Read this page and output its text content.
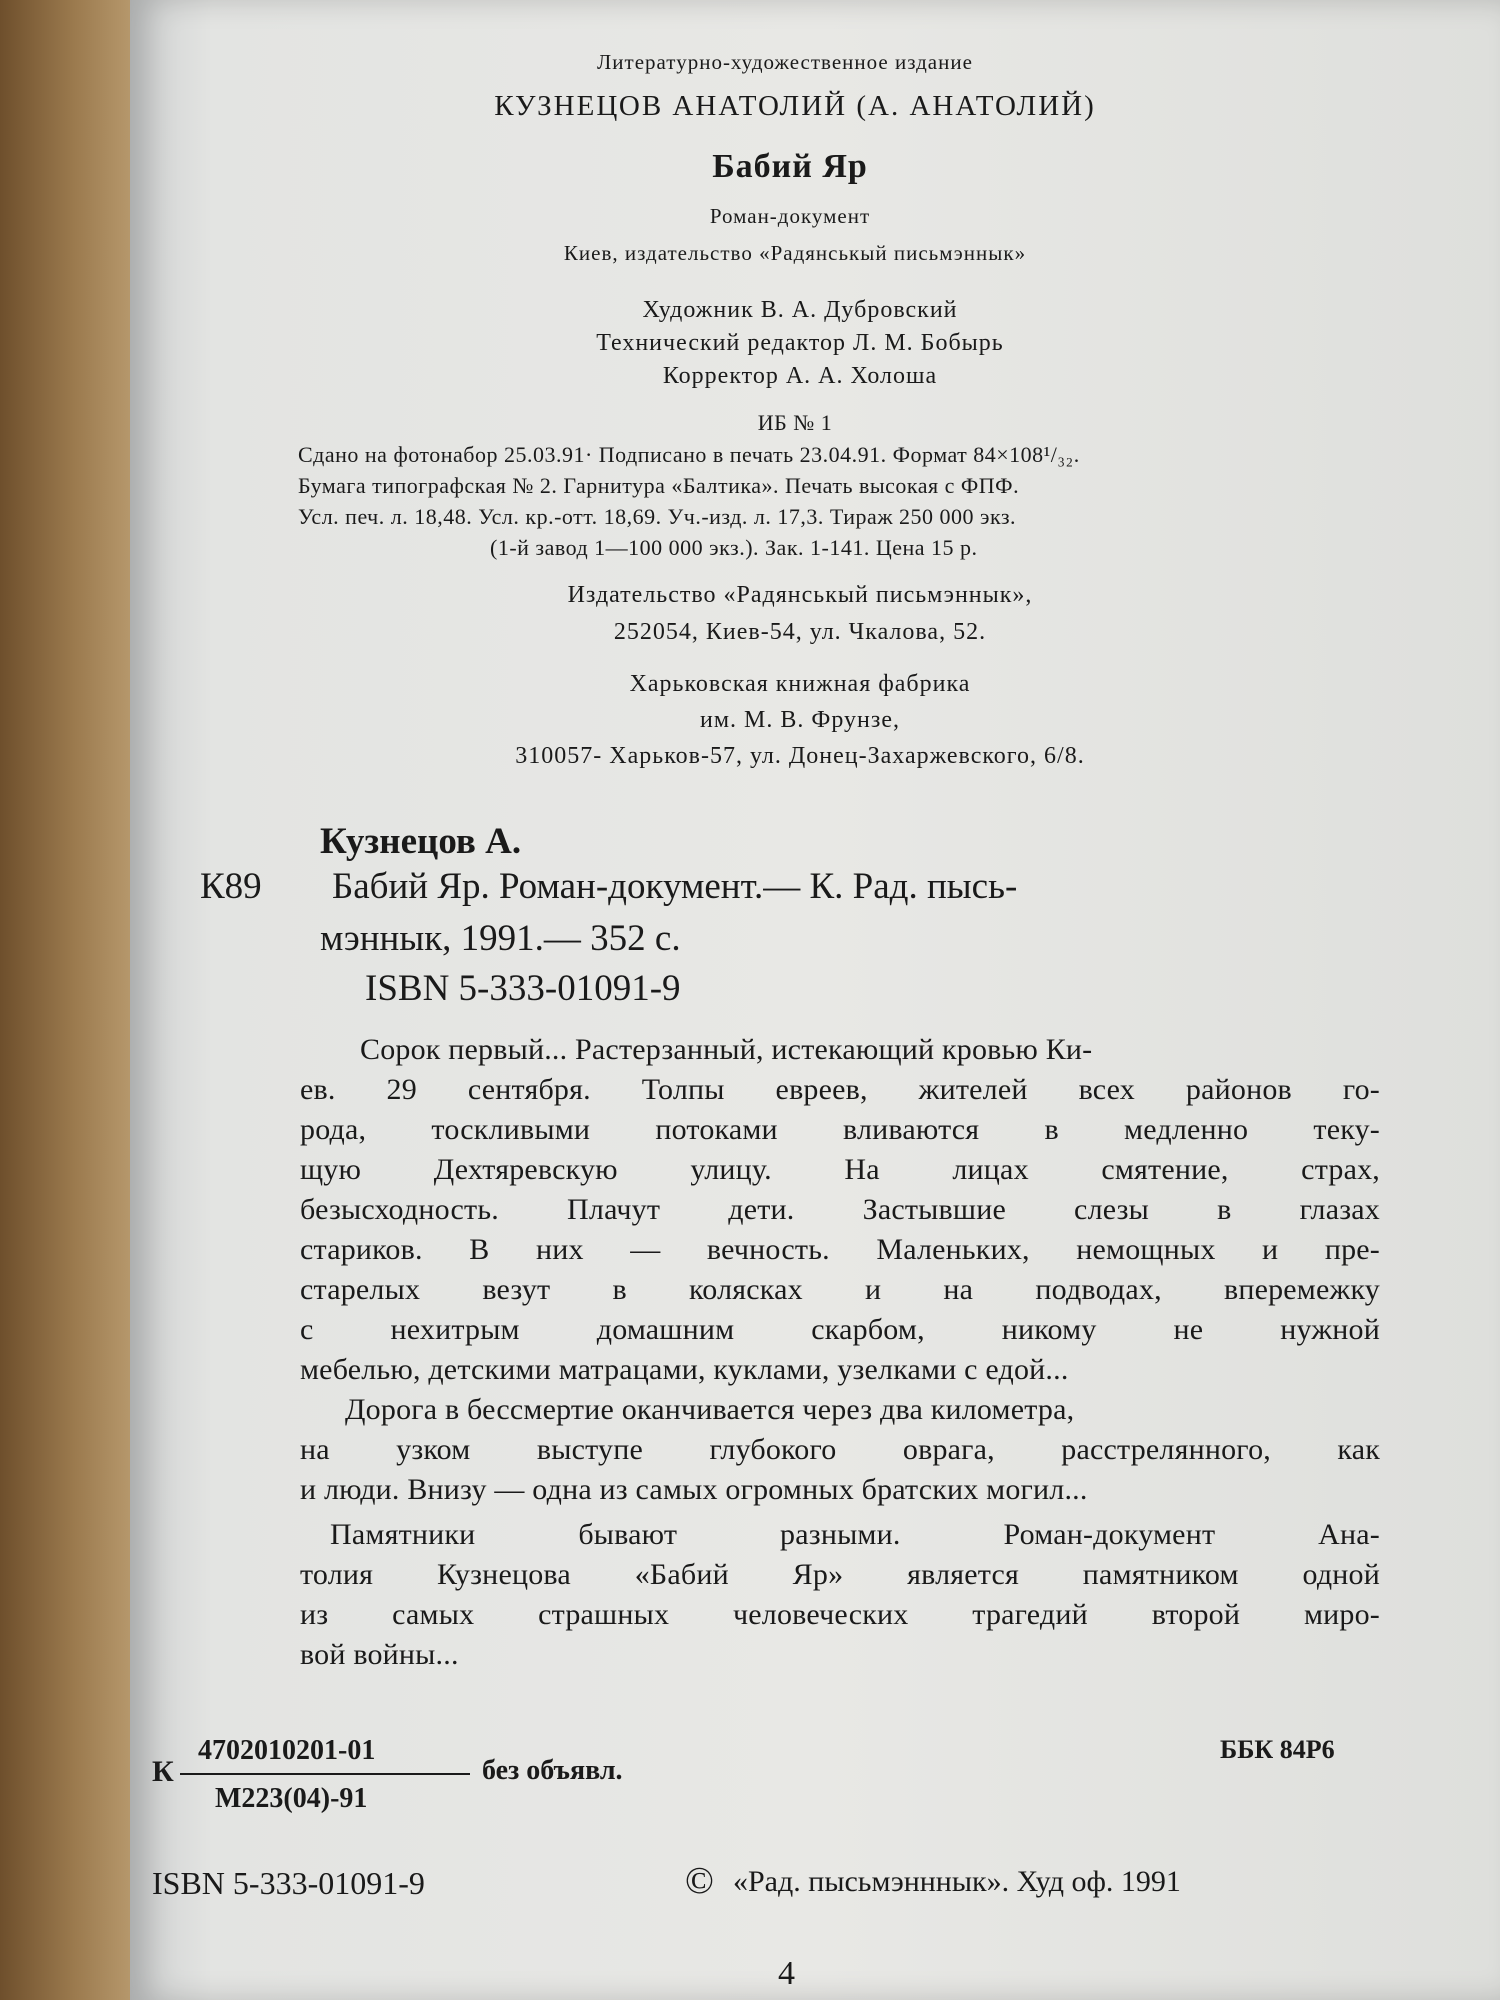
Литературно-художественное издание

КУЗНЕЦОВ АНАТОЛИЙ (А. АНАТОЛИЙ)

Бабий Яр

Роман-документ

Киев, издательство «Радянськый письмэннык»

Художник В. А. Дубровский

Технический редактор Л. М. Бобырь

Корректор А. А. Холоша

ИБ № 1

Сдано на фотонабор 25.03.91· Подписано в печать 23.04.91. Формат 84×108¹/₃₂.

Бумага типографская № 2. Гарнитура «Балтика». Печать высокая с ФПФ.

Усл. печ. л. 18,48. Усл. кр.-отт. 18,69. Уч.-изд. л. 17,3. Тираж 250 000 экз.

(1-й завод 1—100 000 экз.). Зак. 1-141. Цена 15 р.

Издательство «Радянськый письмэннык»,

252054, Киев-54, ул. Чкалова, 52.

Харьковская книжная фабрика

им. М. В. Фрунзе,

310057- Харьков-57, ул. Донец-Захаржевского, 6/8.

Кузнецов А.

К89 Бабий Яр. Роман-документ.— К. Рад. пысь-

мэннык, 1991.— 352 с.

ISBN 5-333-01091-9

Сорок первый... Растерзанный, истекающий кровью Ки-

ев. 29 сентября. Толпы евреев, жителей всех районов го-

рода, тоскливыми потоками вливаются в медленно теку-

щую Дехтяревскую улицу. На лицах смятение, страх,

безысходность. Плачут дети. Застывшие слезы в глазах

стариков. В них — вечность. Маленьких, немощных и пре-

старелых везут в колясках и на подводах, вперемежку

с нехитрым домашним скарбом, никому не нужной

мебелью, детскими матрацами, куклами, узелками с едой...

Дорога в бессмертие оканчивается через два километра,

на узком выступе глубокого оврага, расстрелянного, как

и люди. Внизу — одна из самых огромных братских могил...

Памятники бывают разными. Роман-документ Ана-

толия Кузнецова «Бабий Яр» является памятником одной

из самых страшных человеческих трагедий второй миро-

вой войны...

К

4702010201-01

М223(04)-91

без объявл.

ББК 84Р6

ISBN 5-333-01091-9	© «Рад. пысьмэнннык». Худ оф. 1991

4
